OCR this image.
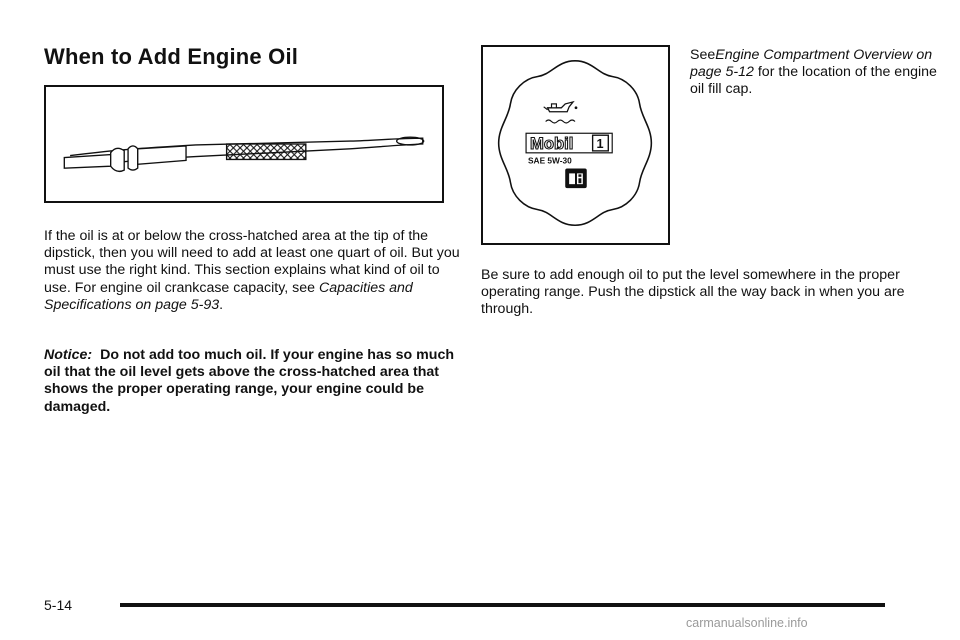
When to Add Engine Oil

If the oil is at or below the cross-hatched area at the tip of the dipstick, then you will need to add at least one quart of oil. But you must use the right kind. This section explains what kind of oil to use. For engine oil crankcase capacity, see Capacities and Specifications on page 5-93.

Notice: Do not add too much oil. If your engine has so much oil that the oil level gets above the cross-hatched area that shows the proper operating range, your engine could be damaged.

Mobil 1
SAE 5W-30

SeeEngine Compartment Overview on page 5-12 for the location of the engine oil fill cap.

Be sure to add enough oil to put the level somewhere in the proper operating range. Push the dipstick all the way back in when you are through.

5-14

carmanualsonline.info
